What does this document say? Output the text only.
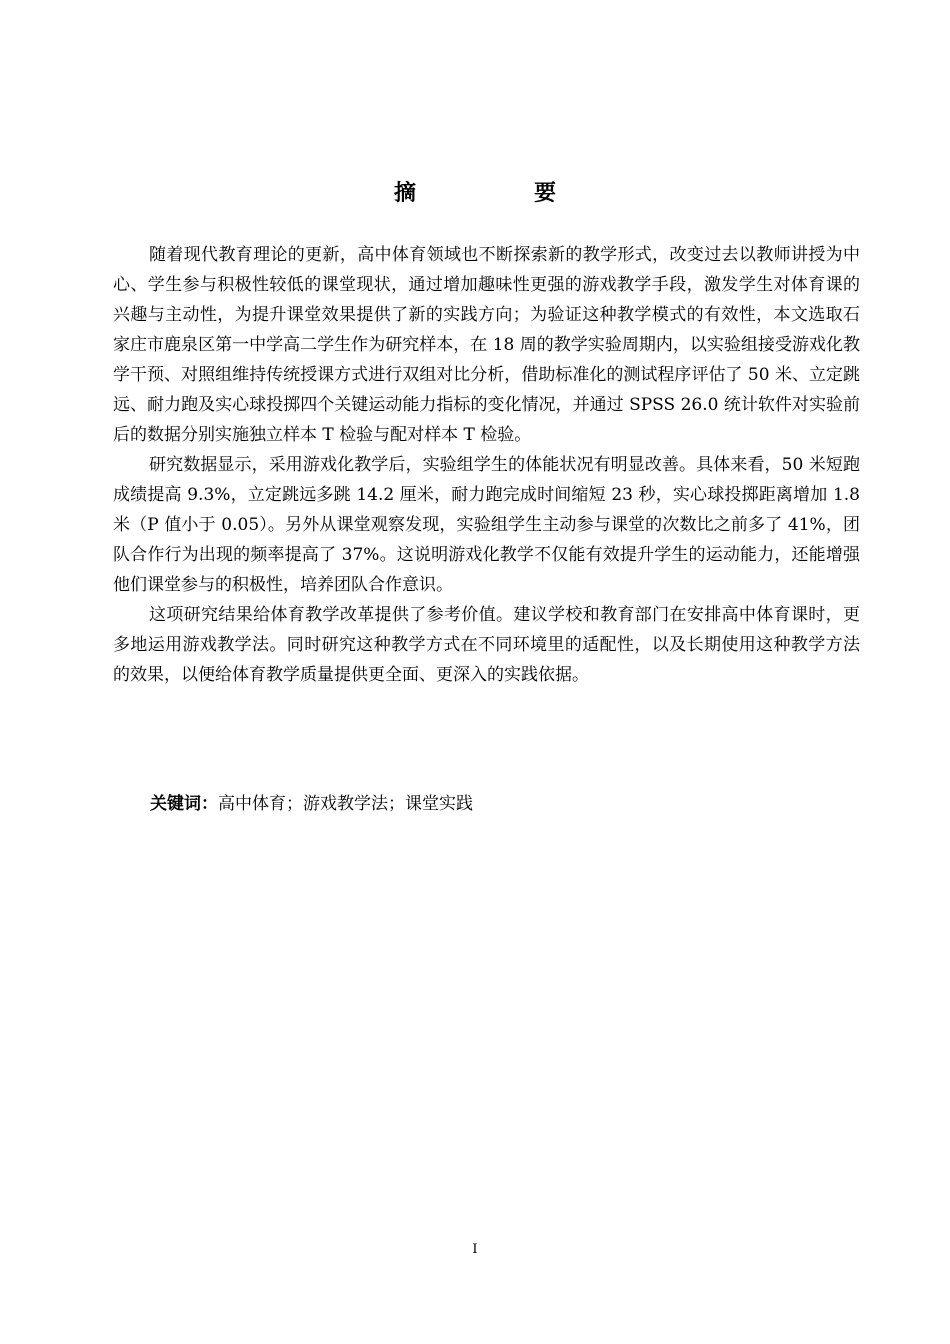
摘　要

随着现代教育理论的更新，高中体育领域也不断探索新的教学形式，改变过去以教师讲授为中心、学生参与积极性较低的课堂现状，通过增加趣味性更强的游戏教学手段，激发学生对体育课的兴趣与主动性，为提升课堂效果提供了新的实践方向；为验证这种教学模式的有效性，本文选取石家庄市鹿泉区第一中学高二学生作为研究样本，在 18 周的教学实验周期内，以实验组接受游戏化教学干预、对照组维持传统授课方式进行双组对比分析，借助标准化的测试程序评估了 50 米、立定跳远、耐力跑及实心球投掷四个关键运动能力指标的变化情况，并通过 SPSS 26.0 统计软件对实验前后的数据分别实施独立样本 T 检验与配对样本 T 检验。

研究数据显示，采用游戏化教学后，实验组学生的体能状况有明显改善。具体来看，50 米短跑成绩提高 9.3%，立定跳远多跳 14.2 厘米，耐力跑完成时间缩短 23 秒，实心球投掷距离增加 1.8 米（P 值小于 0.05）。另外从课堂观察发现，实验组学生主动参与课堂的次数比之前多了 41%，团队合作行为出现的频率提高了 37%。这说明游戏化教学不仅能有效提升学生的运动能力，还能增强他们课堂参与的积极性，培养团队合作意识。

这项研究结果给体育教学改革提供了参考价值。建议学校和教育部门在安排高中体育课时，更多地运用游戏教学法。同时研究这种教学方式在不同环境里的适配性，以及长期使用这种教学方法的效果，以便给体育教学质量提供更全面、更深入的实践依据。

关键词：高中体育；游戏教学法；课堂实践
I
